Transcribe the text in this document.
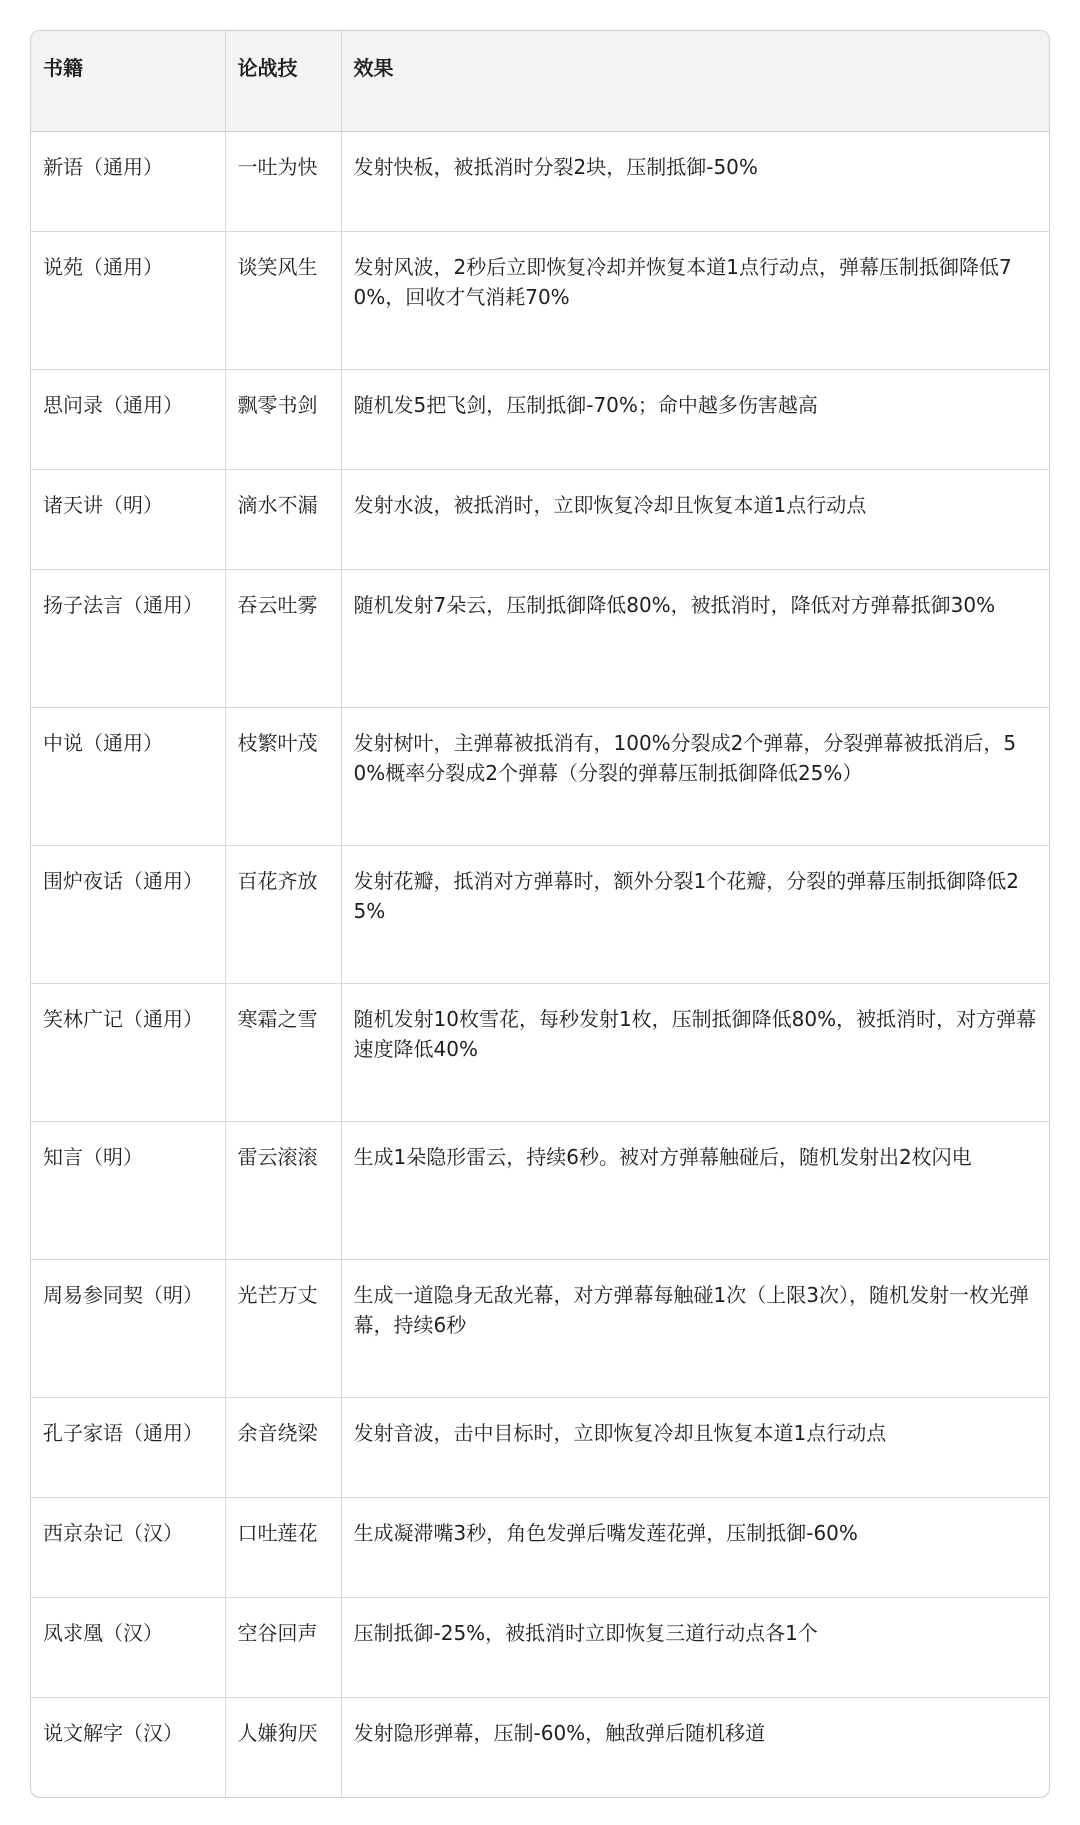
书籍	论战技	效果
新语（通用）	一吐为快	发射快板，被抵消时分裂2块，压制抵御-50%
说苑（通用）	谈笑风生	发射风波，2秒后立即恢复冷却并恢复本道1点行动点，弹幕压制抵御降低70%，回收才气消耗70%
思问录（通用）	飘零书剑	随机发5把飞剑，压制抵御-70%；命中越多伤害越高
诸天讲（明）	滴水不漏	发射水波，被抵消时，立即恢复冷却且恢复本道1点行动点
扬子法言（通用）	吞云吐雾	随机发射7朵云，压制抵御降低80%，被抵消时，降低对方弹幕抵御30%
中说（通用）	枝繁叶茂	发射树叶，主弹幕被抵消有，100%分裂成2个弹幕，分裂弹幕被抵消后，50%概率分裂成2个弹幕（分裂的弹幕压制抵御降低25%）
围炉夜话（通用）	百花齐放	发射花瓣，抵消对方弹幕时，额外分裂1个花瓣，分裂的弹幕压制抵御降低25%
笑林广记（通用）	寒霜之雪	随机发射10枚雪花，每秒发射1枚，压制抵御降低80%，被抵消时，对方弹幕速度降低40%
知言（明）	雷云滚滚	生成1朵隐形雷云，持续6秒。被对方弹幕触碰后，随机发射出2枚闪电
周易参同契（明）	光芒万丈	生成一道隐身无敌光幕，对方弹幕每触碰1次（上限3次），随机发射一枚光弹幕，持续6秒
孔子家语（通用）	余音绕梁	发射音波，击中目标时，立即恢复冷却且恢复本道1点行动点
西京杂记（汉）	口吐莲花	生成凝滞嘴3秒，角色发弹后嘴发莲花弹，压制抵御-60%
凤求凰（汉）	空谷回声	压制抵御-25%，被抵消时立即恢复三道行动点各1个
说文解字（汉）	人嫌狗厌	发射隐形弹幕，压制-60%，触敌弹后随机移道
